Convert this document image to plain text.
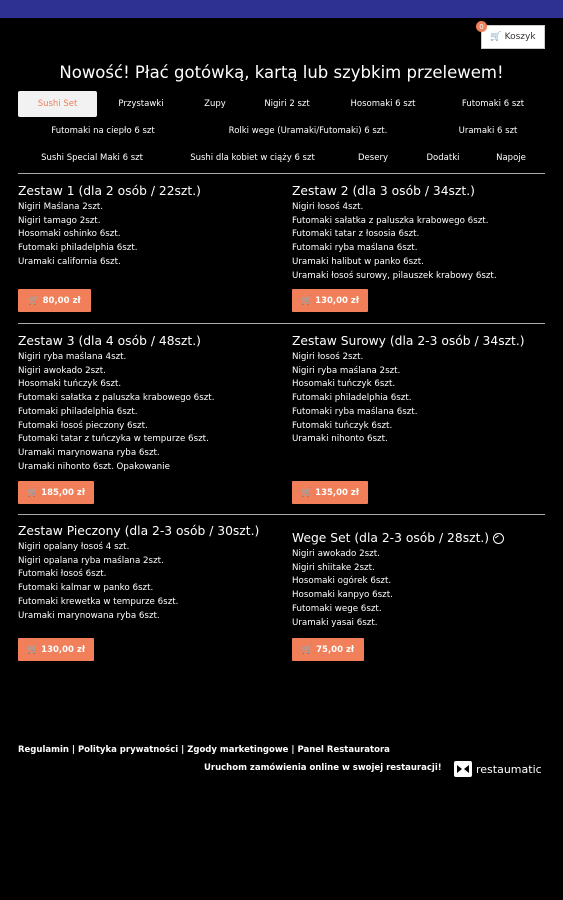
🛒 Koszyk
0
Nowość! Płać gotówką, kartą lub szybkim przelewem!
Sushi Set	Przystawki	Zupy	Nigiri 2 szt	Hosomaki 6 szt	Futomaki 6 szt
Futomaki na ciepło 6 szt	Rolki wege (Uramaki/Futomaki) 6 szt.	Uramaki 6 szt
Sushi Special Maki 6 szt	Sushi dla kobiet w ciąży 6 szt	Desery	Dodatki	Napoje
Zestaw 1 (dla 2 osób / 22szt.)
Nigiri Maślana 2szt.
Nigiri tamago 2szt.
Hosomaki oshinko 6szt.
Futomaki philadelphia 6szt.
Uramaki california 6szt.
🛒 80,00 zł
Zestaw 2 (dla 3 osób / 34szt.)
Nigiri łosoś 4szt.
Futomaki sałatka z paluszka krabowego 6szt.
Futomaki tatar z łososia 6szt.
Futomaki ryba maślana 6szt.
Uramaki halibut w panko 6szt.
Uramaki łosoś surowy, pilauszek krabowy 6szt.
🛒 130,00 zł
Zestaw 3 (dla 4 osób / 48szt.)
Nigiri ryba maślana 4szt.
Nigiri awokado 2szt.
Hosomaki tuńczyk 6szt.
Futomaki sałatka z paluszka krabowego 6szt.
Futomaki philadelphia 6szt.
Futomaki łosoś pieczony 6szt.
Futomaki tatar z tuńczyka w tempurze 6szt.
Uramaki marynowana ryba 6szt.
Uramaki nihonto 6szt. Opakowanie
🛒 185,00 zł
Zestaw Surowy (dla 2-3 osób / 34szt.)
Nigiri łosoś 2szt.
Nigiri ryba maślana 2szt.
Hosomaki tuńczyk 6szt.
Futomaki philadelphia 6szt.
Futomaki ryba maślana 6szt.
Futomaki tuńczyk 6szt.
Uramaki nihonto 6szt.
🛒 135,00 zł
Zestaw Pieczony (dla 2-3 osób / 30szt.)
Nigiri opalany łosoś 4 szt.
Nigiri opalana ryba maślana 2szt.
Futomaki łosoś 6szt.
Futomaki kalmar w panko 6szt.
Futomaki krewetka w tempurze 6szt.
Uramaki marynowana ryba 6szt.
🛒 130,00 zł
Wege Set (dla 2-3 osób / 28szt.)
Nigiri awokado 2szt.
Nigiri shiitake 2szt.
Hosomaki ogórek 6szt.
Hosomaki kanpyo 6szt.
Futomaki wege 6szt.
Uramaki yasai 6szt.
🛒 75,00 zł
Regulamin | Polityka prywatności | Zgody marketingowe | Panel Restauratora
Uruchom zamówienia online w swojej restauracji!	restaumatic
